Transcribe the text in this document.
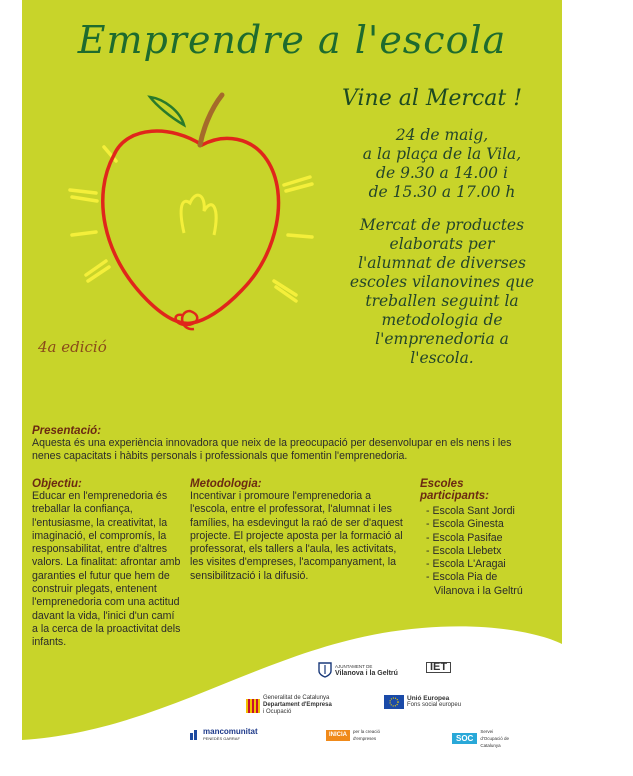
Emprendre a l'escola
Vine al Mercat !
24 de maig,
a la plaça de la Vila,
de 9.30 a 14.00 i
de 15.30 a 17.00 h
Mercat de productes
elaborats per
l'alumnat de diverses
escoles vilanovines que
treballen seguint la
metodologia de
l'emprenedoria a
l'escola.
4a edició
Presentació:
Aquesta és una experiència innovadora que neix de la preocupació per desenvolupar en els nens i les nenes capacitats i hàbits personals i professionals que fomentin l'emprenedoria.
Objectiu:
Educar en l'emprenedoria és treballar la confiança, l'entusiasme, la creativitat, la imaginació, el compromís, la responsabilitat, entre d'altres valors. La finalitat: afrontar amb garanties el futur que hem de construir plegats, entenent l'emprenedoria com una actitud davant la vida, l'inici d'un camí a la cerca de la proactivitat dels infants.
Metodologia:
Incentivar i promoure l'emprenedoria a l'escola, entre el professorat, l'alumnat i les famílies, ha esdevingut la raó de ser d'aquest projecte. El projecte aposta per la formació al professorat, els tallers a l'aula, les activitats, les visites d'empreses, l'acompanyament, la sensibilització i la difusió.
Escoles
participants:
- Escola Sant Jordi
- Escola Ginesta
- Escola Pasifae
- Escola Llebetx
- Escola L'Aragai
- Escola Pia de
Vilanova i la Geltrú
AJUNTAMENT DE
Vilanova i la Geltrú
IET
Generalitat de Catalunya
Departament d'Empresa
i Ocupació
Unió Europea
Fons social europeu
mancomunitat
PENEDÈS GARRAF
INICIA	per la creació d'empreses	SOC
Servei d'Ocupació de Catalunya
